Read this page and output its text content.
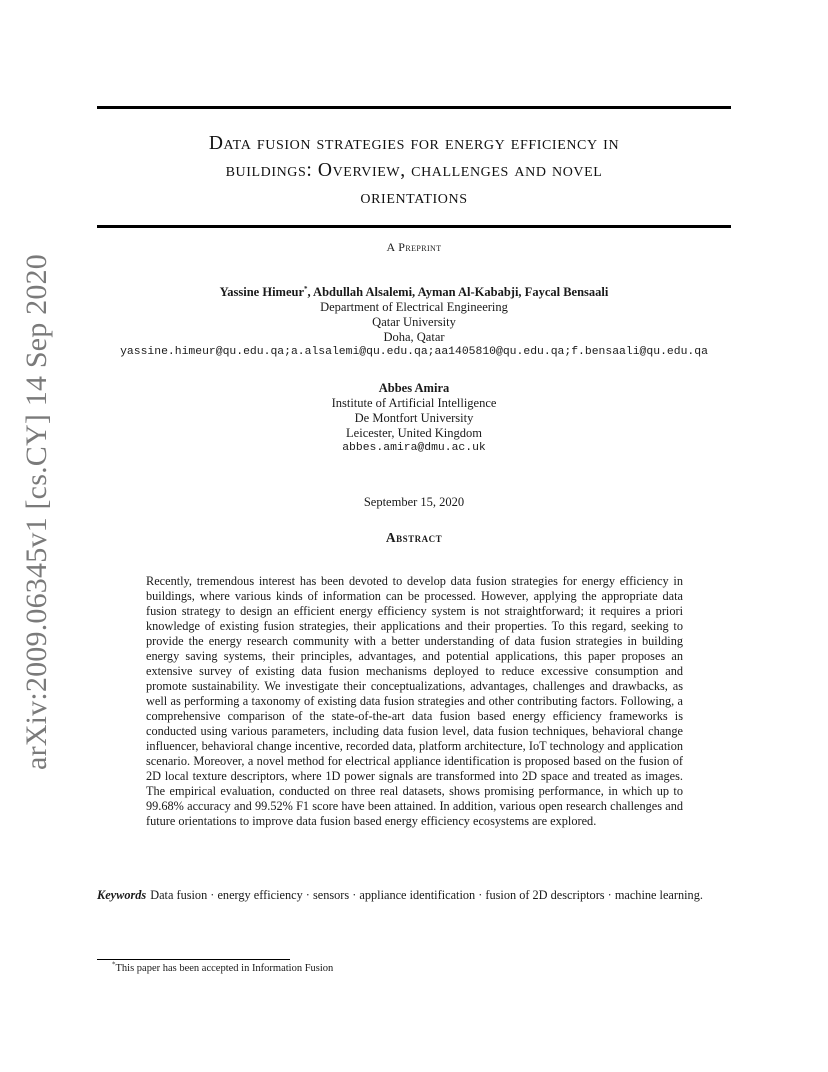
arXiv:2009.06345v1 [cs.CY] 14 Sep 2020
Data fusion strategies for energy efficiency in
buildings: Overview, challenges and novel
orientations
A Preprint
Yassine Himeur*, Abdullah Alsalemi, Ayman Al-Kababji, Faycal Bensaali
Department of Electrical Engineering
Qatar University
Doha, Qatar
yassine.himeur@qu.edu.qa;a.alsalemi@qu.edu.qa;aa1405810@qu.edu.qa;f.bensaali@qu.edu.qa
Abbes Amira
Institute of Artificial Intelligence
De Montfort University
Leicester, United Kingdom
abbes.amira@dmu.ac.uk
September 15, 2020
Abstract
Recently, tremendous interest has been devoted to develop data fusion strategies for energy efficiency in buildings, where various kinds of information can be processed. However, applying the appropriate data fusion strategy to design an efficient energy efficiency system is not straightforward; it requires a priori knowledge of existing fusion strategies, their applications and their properties. To this regard, seeking to provide the energy research community with a better understanding of data fusion strategies in building energy saving systems, their principles, advantages, and potential applications, this paper proposes an extensive survey of existing data fusion mechanisms deployed to reduce excessive consumption and promote sustainability. We investigate their conceptualizations, advantages, challenges and drawbacks, as well as performing a taxonomy of existing data fusion strategies and other contributing factors. Following, a comprehensive comparison of the state-of-the-art data fusion based energy efficiency frameworks is conducted using various parameters, including data fusion level, data fusion techniques, behavioral change influencer, behavioral change incentive, recorded data, platform architecture, IoT technology and application scenario. Moreover, a novel method for electrical appliance identification is proposed based on the fusion of 2D local texture descriptors, where 1D power signals are transformed into 2D space and treated as images. The empirical evaluation, conducted on three real datasets, shows promising performance, in which up to 99.68% accuracy and 99.52% F1 score have been attained. In addition, various open research challenges and future orientations to improve data fusion based energy efficiency ecosystems are explored.
Keywords Data fusion · energy efficiency · sensors · appliance identification · fusion of 2D descriptors · machine learning.
*This paper has been accepted in Information Fusion
